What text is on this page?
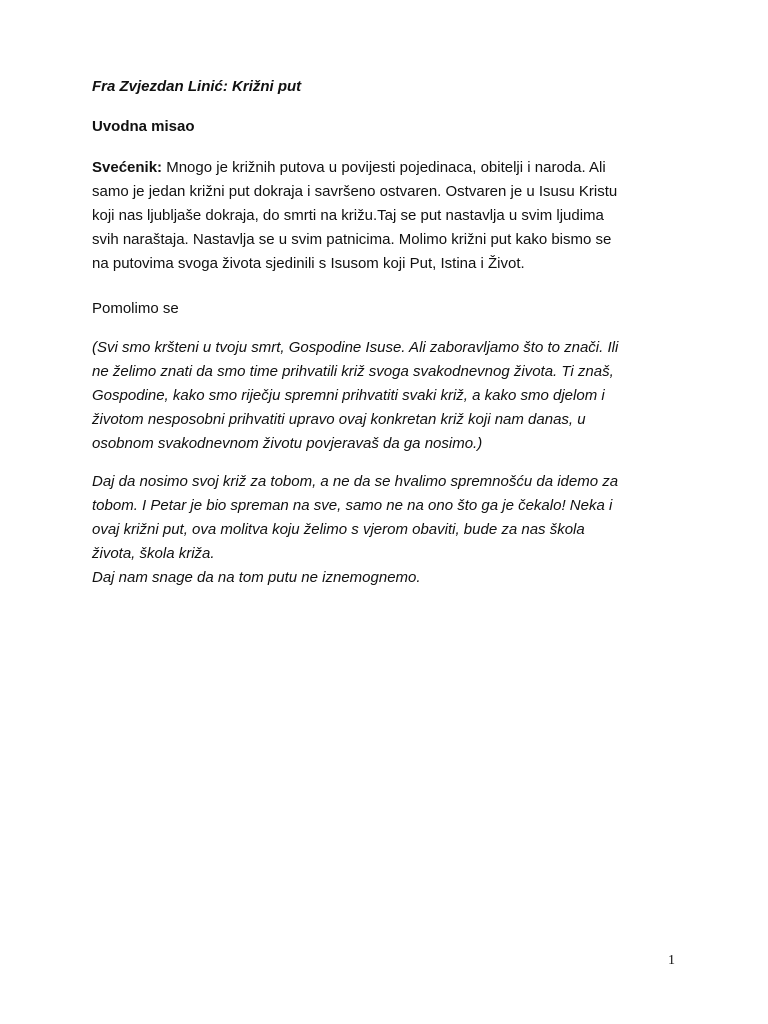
Fra Zvjezdan Linić: Križni put
Uvodna misao
Svećenik: Mnogo je križnih putova u povijesti pojedinaca, obitelji i naroda. Ali
samo je jedan križni put dokraja i savršeno ostvaren. Ostvaren je u Isusu Kristu
koji nas ljubljaše dokraja, do smrti na križu.Taj se put nastavlja u svim ljudima
svih naraštaja. Nastavlja se u svim patnicima. Molimo križni put kako bismo se
na putovima svoga života sjedinili s Isusom koji Put, Istina i Život.
Pomolimo se
(Svi smo kršteni u tvoju smrt, Gospodine Isuse. Ali zaboravljamo što to znači. Ili
ne želimo znati da smo time prihvatili križ svoga svakodnevnog života. Ti znaš,
Gospodine, kako smo riječju spremni prihvatiti svaki križ, a kako smo djelom i
životom nesposobni prihvatiti upravo ovaj konkretan križ koji nam danas, u
osobnom svakodnevnom životu povjeravaš da ga nosimo.)
Daj da nosimo svoj križ za tobom, a ne da se hvalimo spremnošću da idemo za
tobom. I Petar je bio spreman na sve, samo ne na ono što ga je čekalo! Neka i
ovaj križni put, ova molitva koju želimo s vjerom obaviti, bude za nas škola
života, škola križa.
Daj nam snage da na tom putu ne iznemognemo.
1
